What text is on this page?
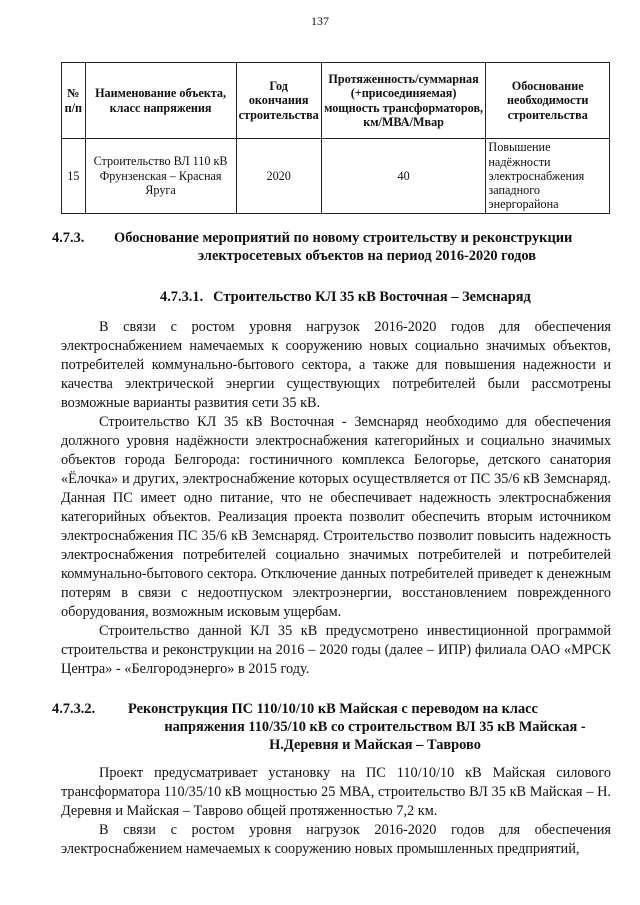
137
№ п/п	Наименование объекта, класс напряжения	Год окончания строительства	Протяженность/суммарная (+присоединяемая) мощность трансформаторов, км/МВА/Мвар	Обоснование необходимости строительства
15	Строительство ВЛ 110 кВ Фрунзенская – Красная Яруга	2020	40	Повышение надёжности электроснабжения западного энергорайона
4.7.3. Обоснование мероприятий по новому строительству и реконструкции
электросетевых объектов на период 2016-2020 годов
4.7.3.1. Строительство КЛ 35 кВ Восточная – Земснаряд

В связи с ростом уровня нагрузок 2016-2020 годов для обеспечения электроснабжением намечаемых к сооружению новых социально значимых объектов, потребителей коммунально-бытового сектора, а также для повышения надежности и качества электрической энергии существующих потребителей были рассмотрены возможные варианты развития сети 35 кВ.

Строительство КЛ 35 кВ Восточная - Земснаряд необходимо для обеспечения должного уровня надёжности электроснабжения категорийных и социально значимых объектов города Белгорода: гостиничного комплекса Белогорье, детского санатория «Ёлочка» и других, электроснабжение которых осуществляется от ПС 35/6 кВ Земснаряд. Данная ПС имеет одно питание, что не обеспечивает надежность электроснабжения категорийных объектов. Реализация проекта позволит обеспечить вторым источником электроснабжения ПС 35/6 кВ Земснаряд. Строительство позволит повысить надежность электроснабжения потребителей социально значимых потребителей и потребителей коммунально-бытового сектора. Отключение данных потребителей приведет к денежным потерям в связи с недоотпуском электроэнергии, восстановлением поврежденного оборудования, возможным исковым ущербам.

Строительство данной КЛ 35 кВ предусмотрено инвестиционной программой строительства и реконструкции на 2016 – 2020 годы (далее – ИПР) филиала ОАО «МРСК Центра» - «Белгородэнерго» в 2015 году.

4.7.3.2. Реконструкция ПС 110/10/10 кВ Майская с переводом на класс
напряжения 110/35/10 кВ со строительством ВЛ 35 кВ Майская -
Н.Деревня и Майская – Таврово

Проект предусматривает установку на ПС 110/10/10 кВ Майская силового трансформатора 110/35/10 кВ мощностью 25 МВА, строительство ВЛ 35 кВ Майская – Н. Деревня и Майская – Таврово общей протяженностью 7,2 км.

В связи с ростом уровня нагрузок 2016-2020 годов для обеспечения электроснабжением намечаемых к сооружению новых промышленных предприятий,
